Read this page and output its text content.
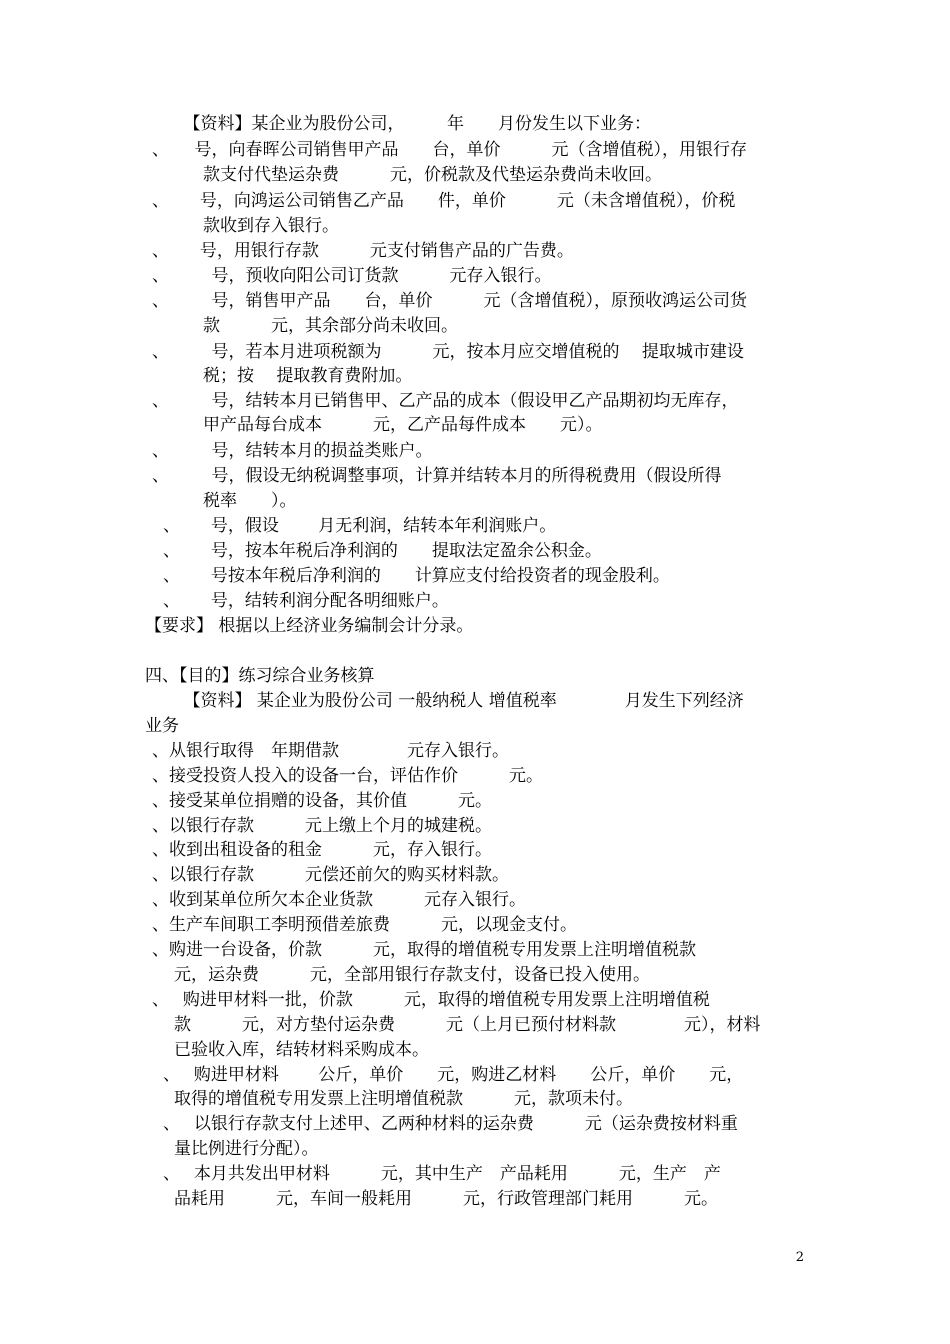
　【资料】某企业为股份公司，　　　年　　月份发生以下业务：
、　　号，向春晖公司销售甲产品　　台，单价　　　元（含增值税），用银行存
款支付代垫运杂费　　　元，价税款及代垫运杂费尚未收回。
、　　 号，向鸿运公司销售乙产品　　件，单价　　　元（未含增值税），价税
款收到存入银行。
、　　 号，用银行存款　　　元支付销售产品的广告费。
、　　　号，预收向阳公司订货款　　　元存入银行。
、　　　号，销售甲产品　　台，单价　　　元（含增值税），原预收鸿运公司货
款　　　元，其余部分尚未收回。
、　　　号，若本月进项税额为　　　元，按本月应交增值税的　 提取城市建设
税；按　 提取教育费附加。
、　　　号，结转本月已销售甲、乙产品的成本（假设甲乙产品期初均无库存，
甲产品每台成本　　　元，乙产品每件成本　　元）。
、　　　号，结转本月的损益类账户。
、　　　号，假设无纳税调整事项，计算并结转本月的所得税费用（假设所得
税率　　）。
、　　 号，假设　　 月无利润，结转本年利润账户。
、　　 号，按本年税后净利润的　　提取法定盈余公积金。
、　　 号按本年税后净利润的　　计算应支付给投资者的现金股利。
、　　 号，结转利润分配各明细账户。
【要求】 根据以上经济业务编制会计分录。
四、【目的】练习综合业务核算
　【资料】 某企业为股份公司 一般纳税人 增值税率　　　　月发生下列经济
业务
、从银行取得　年期借款　　　　元存入银行。
、接受投资人投入的设备一台，评估作价　　　元。
、接受某单位捐赠的设备，其价值　　　元。
、以银行存款　　　元上缴上个月的城建税。
、收到出租设备的租金　　　元，存入银行。
、以银行存款　　　元偿还前欠的购买材料款。
、收到某单位所欠本企业货款　　　元存入银行。
、生产车间职工李明预借差旅费　　　元，以现金支付。
、购进一台设备，价款　　　元，取得的增值税专用发票上注明增值税款
元，运杂费　　　元，全部用银行存款支付，设备已投入使用。
、　 购进甲材料一批，价款　　　元，取得的增值税专用发票上注明增值税
款　　　元，对方垫付运杂费　　　元（上月已预付材料款　　　　元），材料
已验收入库，结转材料采购成本。
、　 购进甲材料　　 公斤，单价　　元，购进乙材料　　公斤，单价　　元，
取得的增值税专用发票上注明增值税款　　　元，款项未付。
、　 以银行存款支付上述甲、乙两种材料的运杂费　　　元（运杂费按材料重
量比例进行分配）。
、　 本月共发出甲材料　　　元，其中生产　产品耗用　　　元，生产　产
品耗用　　　元，车间一般耗用　　　元，行政管理部门耗用　　　元。
2
